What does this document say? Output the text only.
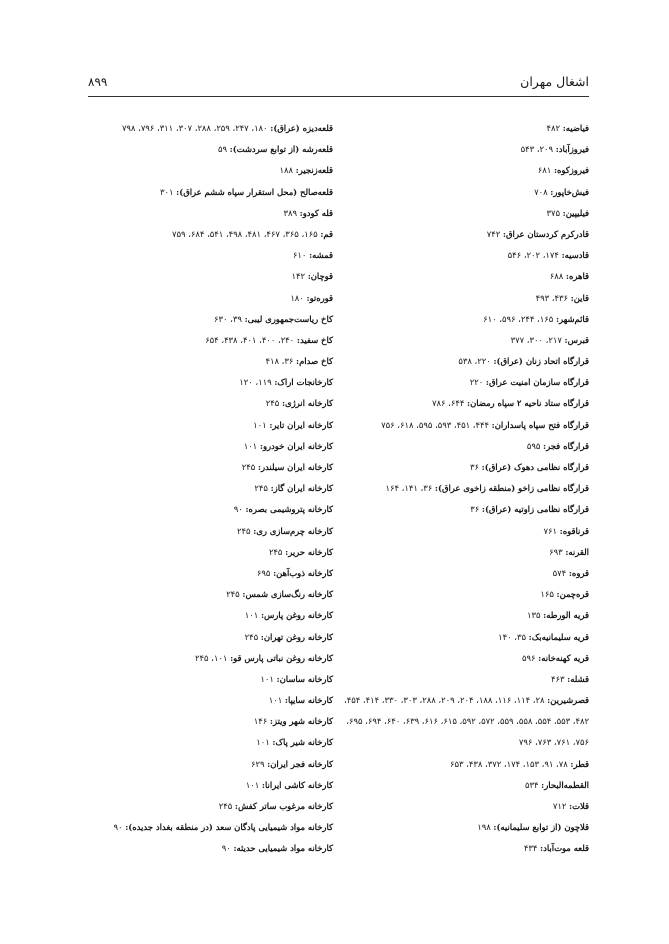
اشغال مهران
۸۹۹
فیاضیه: ۴۸۲
فیروزآباد: ۲۰۹، ۵۴۳
فیروزکوه: ۶۸۱
فیش‌خاپور: ۷۰۸
فیلیپین: ۳۷۵
قادرکرم کردستان عراق: ۷۴۲
قادسیه: ۱۷۴، ۲۰۲، ۵۴۶
قاهره: ۶۸۸
قاین: ۴۳۶، ۴۹۳
قائم‌شهر: ۱۶۵، ۲۴۴، ۵۹۶، ۶۱۰
قبرس: ۲۱۷، ۳۰۰، ۳۷۷
قرارگاه اتحاد زنان (عراق): ۲۲۰، ۵۳۸
قرارگاه سازمان امنیت عراق: ۲۲۰
قرارگاه ستاد ناحیه ۲ سپاه رمضان: ۶۴۴، ۷۸۶
قرارگاه فتح سپاه پاسداران: ۴۴۴، ۴۵۱، ۵۹۳، ۵۹۵، ۶۱۸، ۷۵۶
قرارگاه فجر: ۵۹۵
قرارگاه نظامی دهوک (عراق): ۳۶
قرارگاه نظامی زاخو (منطقه زاخوی عراق): ۳۶، ۱۴۱، ۱۶۴
قرارگاه نظامی زاوتیه (عراق): ۳۶
قرناقوه: ۷۶۱
القرنه: ۶۹۳
قروه: ۵۷۴
قره‌چمن: ۱۶۵
قریه الورطه: ۱۳۵
قریه سلیمانیه‌بک: ۳۵، ۱۴۰
قریه کهنه‌خانه: ۵۹۶
قشله: ۴۶۳
قصرشیرین: ۲۸، ۱۱۴، ۱۱۶، ۱۸۸، ۲۰۴، ۲۰۹، ۲۸۸، ۳۰۳، ۳۳۰، ۴۱۴، ۴۵۴، ۴۸۲، ۵۵۳، ۵۵۴، ۵۵۸، ۵۵۹، ۵۷۲، ۵۹۲، ۶۱۵، ۶۱۶، ۶۳۹، ۶۴۰، ۶۹۴، ۶۹۵، ۷۵۶، ۷۶۱، ۷۶۳، ۷۹۶
قطر: ۷۸، ۹۱، ۱۵۳، ۱۷۴، ۳۷۲، ۴۳۸، ۶۵۳
القطمه‌البحار: ۵۳۴
قلات: ۷۱۲
قلاچون (از توابع سلیمانیه): ۱۹۸
قلعه موت‌آباد: ۴۳۴
قلعه‌دیزه (عراق): ۱۸۰، ۲۴۷، ۲۵۹، ۲۸۸، ۳۰۷، ۳۱۱، ۷۹۶، ۷۹۸
قلعه‌رشه (از توابع سردشت): ۵۹
قلعه‌زنجیر: ۱۸۸
قلعه‌صالح (محل استقرار سپاه ششم عراق): ۳۰۱
قله کودو: ۳۸۹
قم: ۱۶۵، ۳۶۵، ۴۶۷، ۴۸۱، ۴۹۸، ۵۴۱، ۶۸۴، ۷۵۹
قمشه: ۶۱۰
قوچان: ۱۴۲
قوره‌تو: ۱۸۰
کاخ ریاست‌جمهوری لیبی: ۳۹، ۶۳۰
کاخ سفید: ۲۴۰، ۴۰۰، ۴۰۱، ۴۳۸، ۶۵۴
کاخ صدام: ۳۶، ۴۱۸
کارخانجات اراک: ۱۱۹، ۱۲۰
کارخانه انرژی: ۲۴۵
کارخانه ایران تایر: ۱۰۱
کارخانه ایران خودرو: ۱۰۱
کارخانه ایران سیلندر: ۲۴۵
کارخانه ایران گاز: ۲۴۵
کارخانه پتروشیمی بصره: ۹۰
کارخانه چرم‌سازی ری: ۲۴۵
کارخانه حریر: ۲۴۵
کارخانه ذوب‌آهن: ۶۹۵
کارخانه رنگ‌سازی شمس: ۲۴۵
کارخانه روغن پارس: ۱۰۱
کارخانه روغن تهران: ۲۴۵
کارخانه روغن نباتی پارس قو: ۱۰۱، ۲۴۵
کارخانه ساسان: ۱۰۱
کارخانه سایپا: ۱۰۱
کارخانه شهر ویتز: ۱۴۶
کارخانه شیر پاک: ۱۰۱
کارخانه فجر ایران: ۶۲۹
کارخانه کاشی ایرانا: ۱۰۱
کارخانه مرغوب ساتر کفش: ۲۴۵
کارخانه مواد شیمیایی پادگان سعد (در منطقه بغداد جدیده): ۹۰
کارخانه مواد شیمیایی حدیثه: ۹۰
